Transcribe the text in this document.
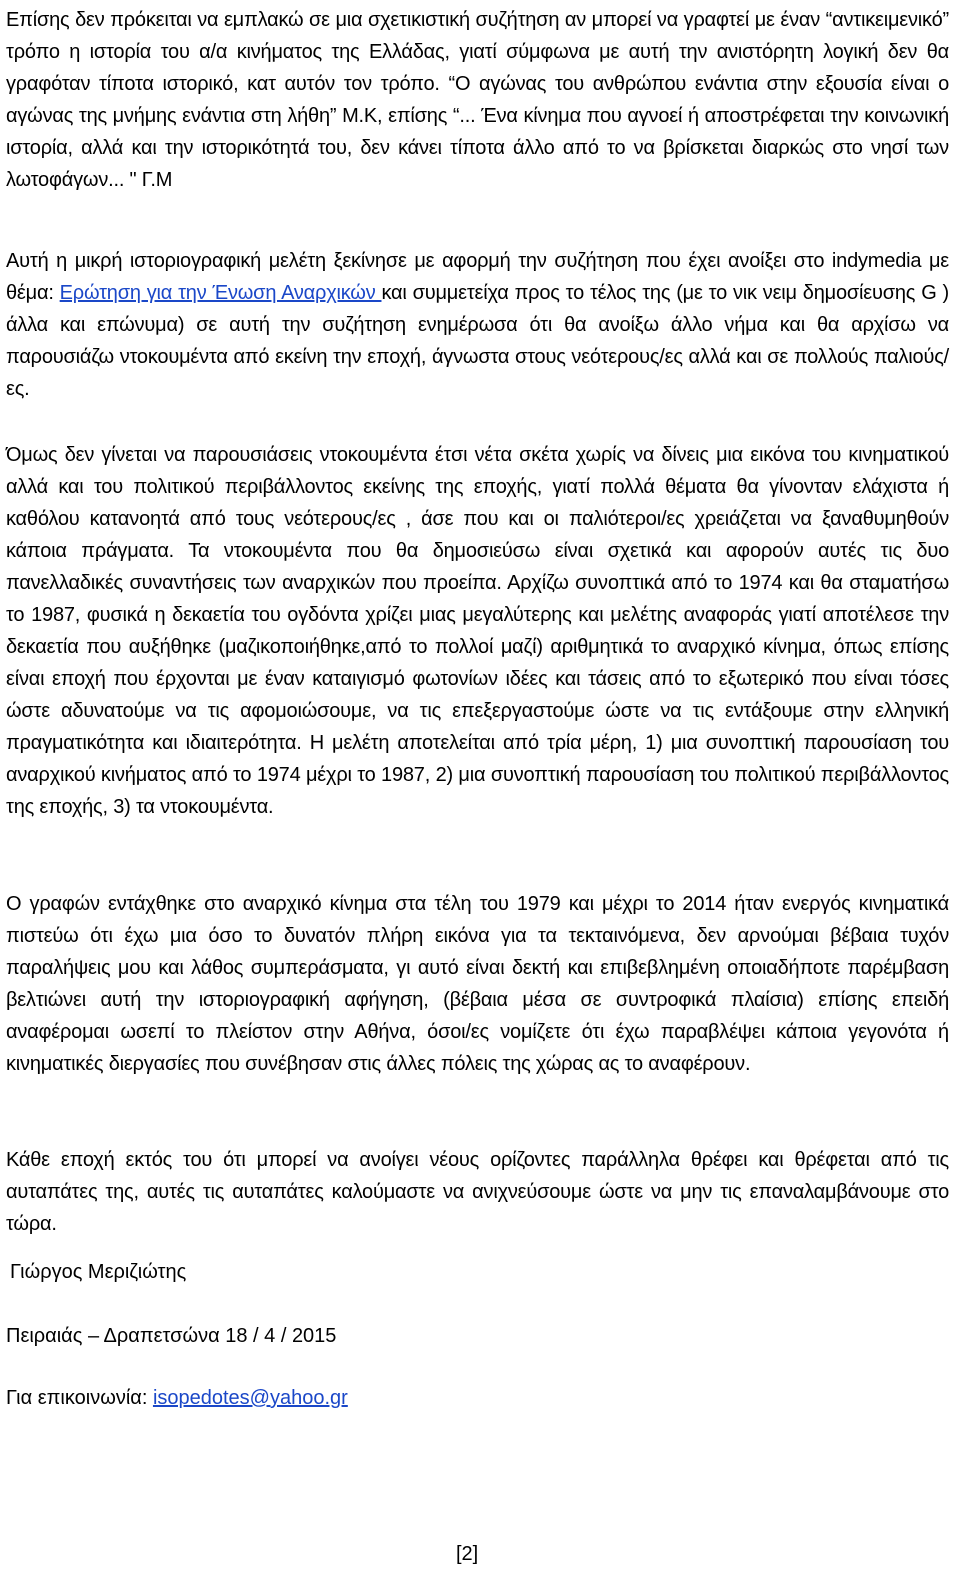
Επίσης δεν πρόκειται να εμπλακώ σε μια σχετικιστική συζήτηση αν μπορεί να γραφτεί με έναν “αντικειμενικό” τρόπο η ιστορία του α/α κινήματος της Ελλάδας, γιατί σύμφωνα με αυτή την ανιστόρητη λογική δεν θα γραφόταν τίποτα ιστορικό, κατ αυτόν τον τρόπο. “Ο αγώνας του ανθρώπου ενάντια στην εξουσία είναι ο αγώνας της μνήμης ενάντια στη λήθη” Μ.Κ, επίσης “... Ένα κίνημα που αγνοεί ή αποστρέφεται την κοινωνική ιστορία, αλλά και την ιστορικότητά του, δεν κάνει τίποτα άλλο από το να βρίσκεται διαρκώς στο νησί των λωτοφάγων... " Γ.Μ

Αυτή η μικρή ιστοριογραφική μελέτη ξεκίνησε με αφορμή την συζήτηση που έχει ανοίξει στο indymedia με θέμα: Ερώτηση για την Ένωση Αναρχικών και συμμετείχα προς το τέλος της (με το νικ νειμ δημοσίευσης G ) άλλα και επώνυμα) σε αυτή την συζήτηση ενημέρωσα ότι θα ανοίξω άλλο νήμα και θα αρχίσω να παρουσιάζω ντοκουμέντα από εκείνη την εποχή, άγνωστα στους νεότερους/ες αλλά και σε πολλούς παλιούς/ες.

Όμως δεν γίνεται να παρουσιάσεις ντοκουμέντα έτσι νέτα σκέτα χωρίς να δίνεις μια εικόνα του κινηματικού αλλά και του πολιτικού περιβάλλοντος εκείνης της εποχής, γιατί πολλά θέματα θα γίνονταν ελάχιστα ή καθόλου κατανοητά από τους νεότερους/ες , άσε που και οι παλιότεροι/ες χρειάζεται να ξαναθυμηθούν κάποια πράγματα. Τα ντοκουμέντα που θα δημοσιεύσω είναι σχετικά και αφορούν αυτές τις δυο πανελλαδικές συναντήσεις των αναρχικών που προείπα. Αρχίζω συνοπτικά από το 1974 και θα σταματήσω το 1987, φυσικά η δεκαετία του ογδόντα χρίζει μιας μεγαλύτερης και μελέτης αναφοράς γιατί αποτέλεσε την δεκαετία που αυξήθηκε (μαζικοποιήθηκε,από το πολλοί μαζί) αριθμητικά το αναρχικό κίνημα, όπως επίσης είναι εποχή που έρχονται με έναν καταιγισμό φωτονίων ιδέες και τάσεις από το εξωτερικό που είναι τόσες ώστε αδυνατούμε να τις αφομοιώσουμε, να τις επεξεργαστούμε ώστε να τις εντάξουμε στην ελληνική πραγματικότητα και ιδιαιτερότητα. Η μελέτη αποτελείται από τρία μέρη, 1) μια συνοπτική παρουσίαση του αναρχικού κινήματος από το 1974 μέχρι το 1987, 2) μια συνοπτική παρουσίαση του πολιτικού περιβάλλοντος της εποχής, 3) τα ντοκουμέντα.

Ο γραφών εντάχθηκε στο αναρχικό κίνημα στα τέλη του 1979 και μέχρι το 2014 ήταν ενεργός κινηματικά πιστεύω ότι έχω μια όσο το δυνατόν πλήρη εικόνα για τα τεκταινόμενα, δεν αρνούμαι βέβαια τυχόν παραλήψεις μου και λάθος συμπεράσματα, γι αυτό είναι δεκτή και επιβεβλημένη οποιαδήποτε παρέμβαση βελτιώνει αυτή την ιστοριογραφική αφήγηση, (βέβαια μέσα σε συντροφικά πλαίσια) επίσης επειδή αναφέρομαι ωσεπί το πλείστον στην Αθήνα, όσοι/ες νομίζετε ότι έχω παραβλέψει κάποια γεγονότα ή κινηματικές διεργασίες που συνέβησαν στις άλλες πόλεις της χώρας ας το αναφέρουν.

Κάθε εποχή εκτός του ότι μπορεί να ανοίγει νέους ορίζοντες παράλληλα θρέφει και θρέφεται από τις αυταπάτες της, αυτές τις αυταπάτες καλούμαστε να ανιχνεύσουμε ώστε να μην τις επαναλαμβάνουμε στο τώρα.

Γιώργος Μεριζιώτης
Πειραιάς – Δραπετσώνα 18 / 4 / 2015
Για επικοινωνία: isopedotes@yahoo.gr
[2]
